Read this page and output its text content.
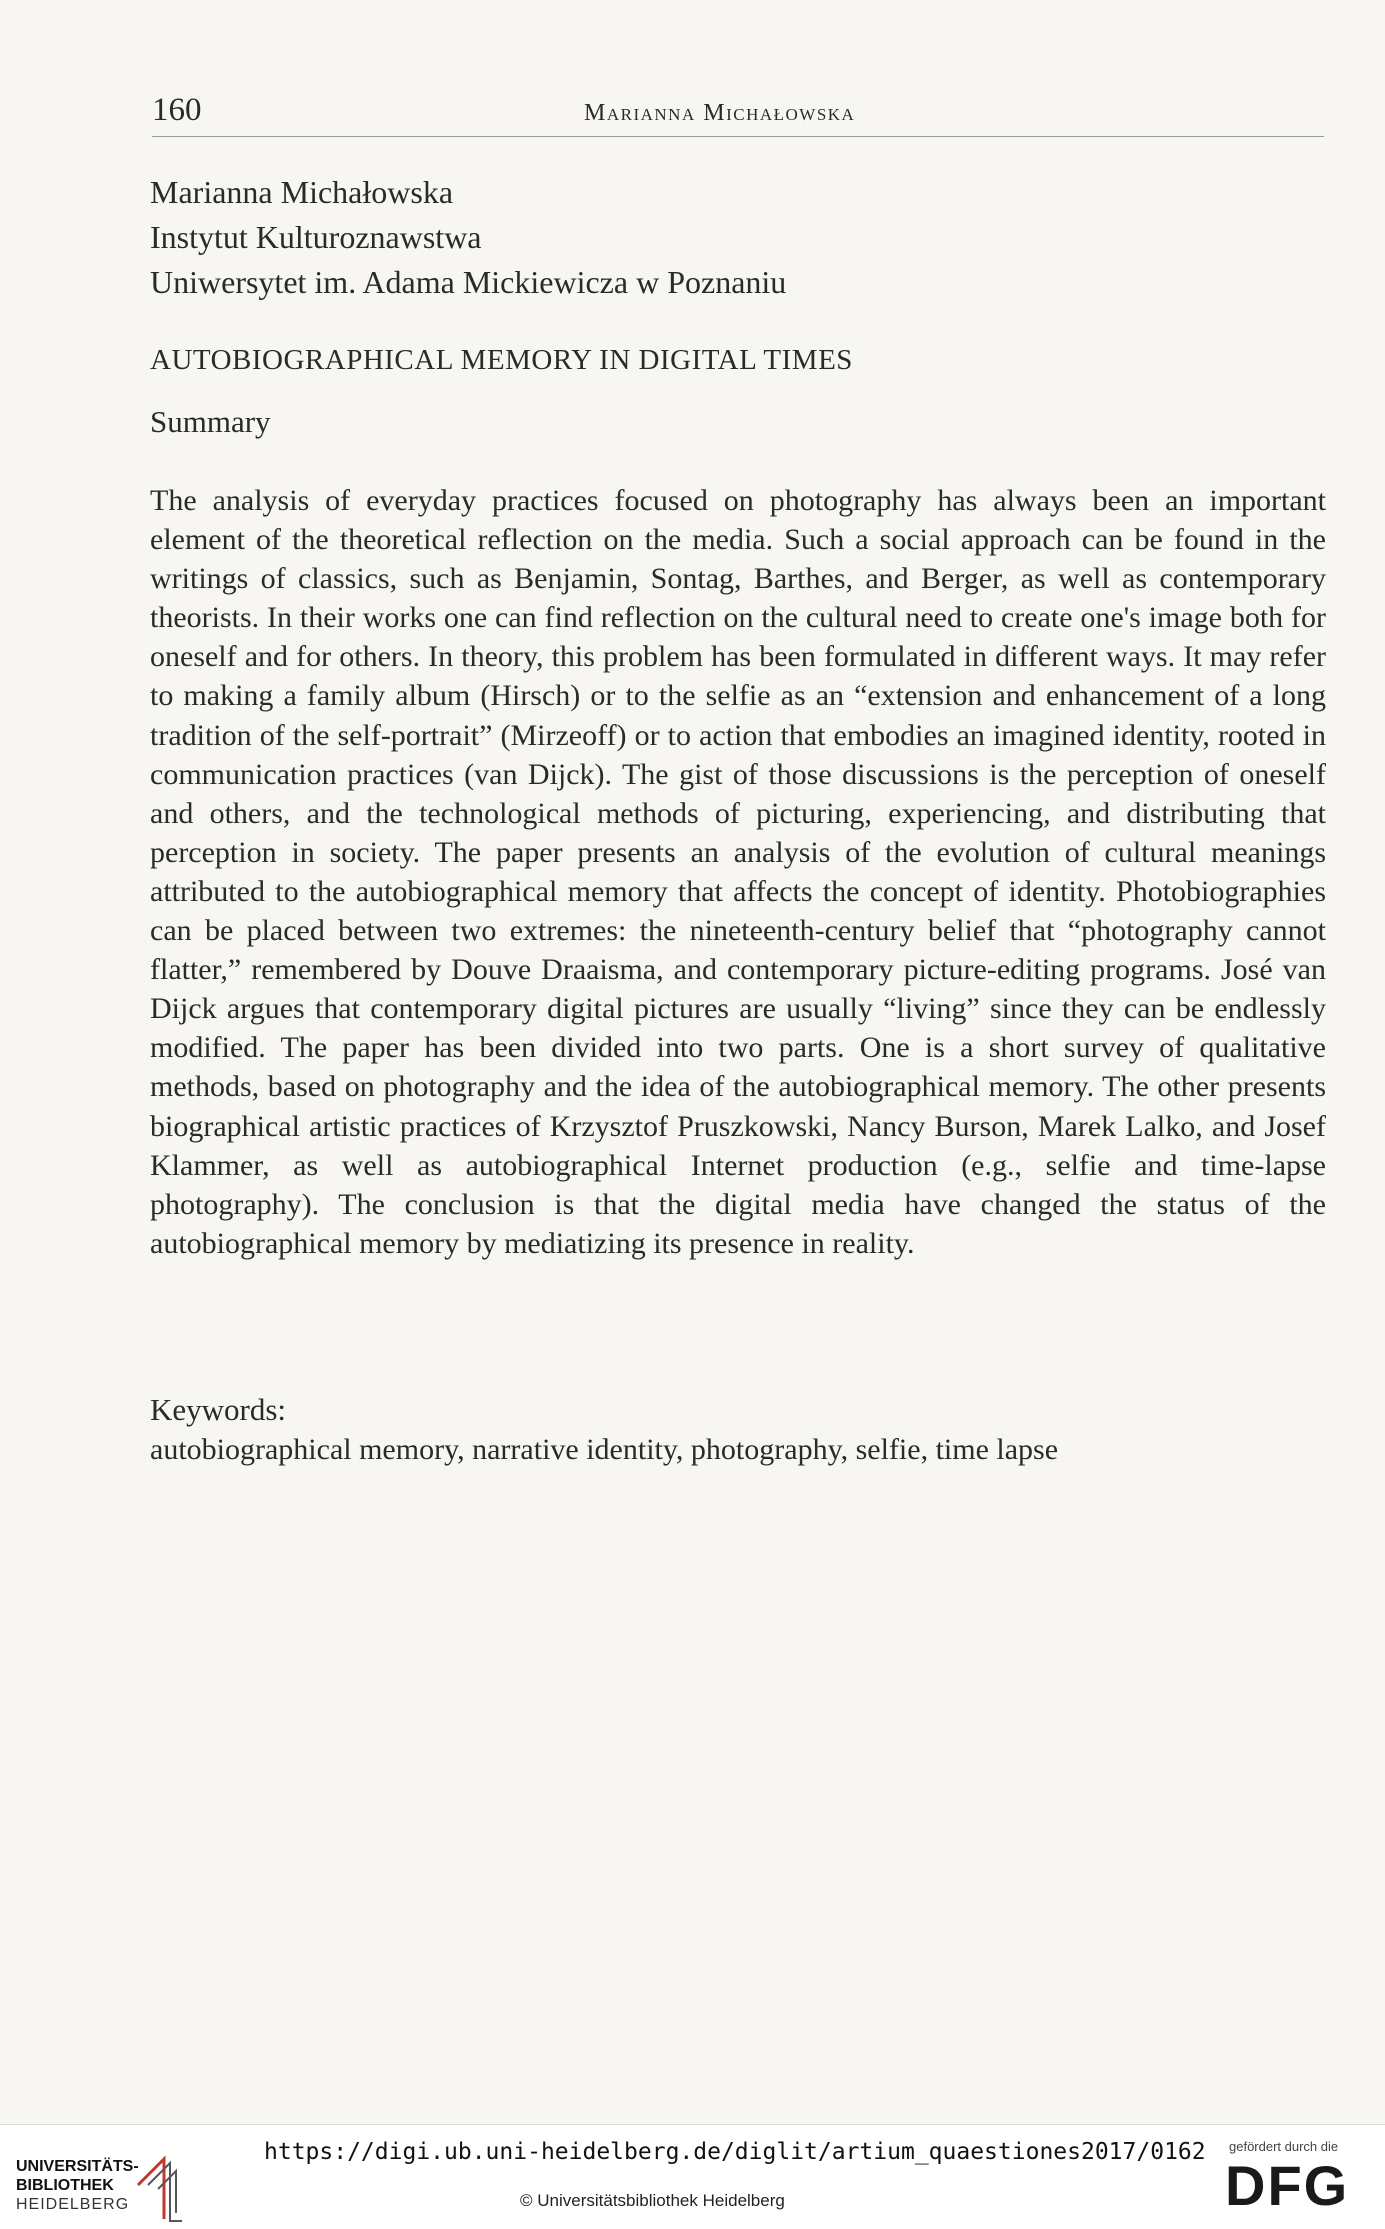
160	Marianna Michałowska
Marianna Michałowska
Instytut Kulturoznawstwa
Uniwersytet im. Adama Mickiewicza w Poznaniu
AUTOBIOGRAPHICAL MEMORY IN DIGITAL TIMES
Summary

The analysis of everyday practices focused on photography has always been an important element of the theoretical reflection on the media. Such a social approach can be found in the writings of classics, such as Benjamin, Sontag, Barthes, and Berger, as well as contemporary theorists. In their works one can find reflection on the cultural need to create one's image both for oneself and for others. In theory, this problem has been formulated in different ways. It may refer to making a family album (Hirsch) or to the selfie as an “extension and enhancement of a long tradition of the self-portrait” (Mirzeoff) or to action that embodies an imagined identity, rooted in communication practices (van Dijck). The gist of those discussions is the perception of oneself and others, and the technological methods of picturing, experiencing, and distributing that perception in society. The paper presents an analysis of the evolution of cultural meanings attributed to the autobiographical memory that affects the concept of identity. Photobiographies can be placed between two extremes: the nineteenth-century belief that “photography cannot flatter,” remembered by Douve Draaisma, and contemporary picture-editing programs. José van Dijck argues that contemporary digital pictures are usually “living” since they can be endlessly modified. The paper has been divided into two parts. One is a short survey of qualitative methods, based on photography and the idea of the autobiographical memory. The other presents biographical artistic practices of Krzysztof Pruszkowski, Nancy Burson, Marek Lalko, and Josef Klammer, as well as autobiographical Internet production (e.g., selfie and time-lapse photography). The conclusion is that the digital media have changed the status of the autobiographical memory by mediatizing its presence in reality.

Keywords:
autobiographical memory, narrative identity, photography, selfie, time lapse
UNIVERSITÄTS-
BIBLIOTHEK
HEIDELBERG
https://digi.ub.uni-heidelberg.de/diglit/artium_quaestiones2017/0162
© Universitätsbibliothek Heidelberg
gefördert durch die
DFG
